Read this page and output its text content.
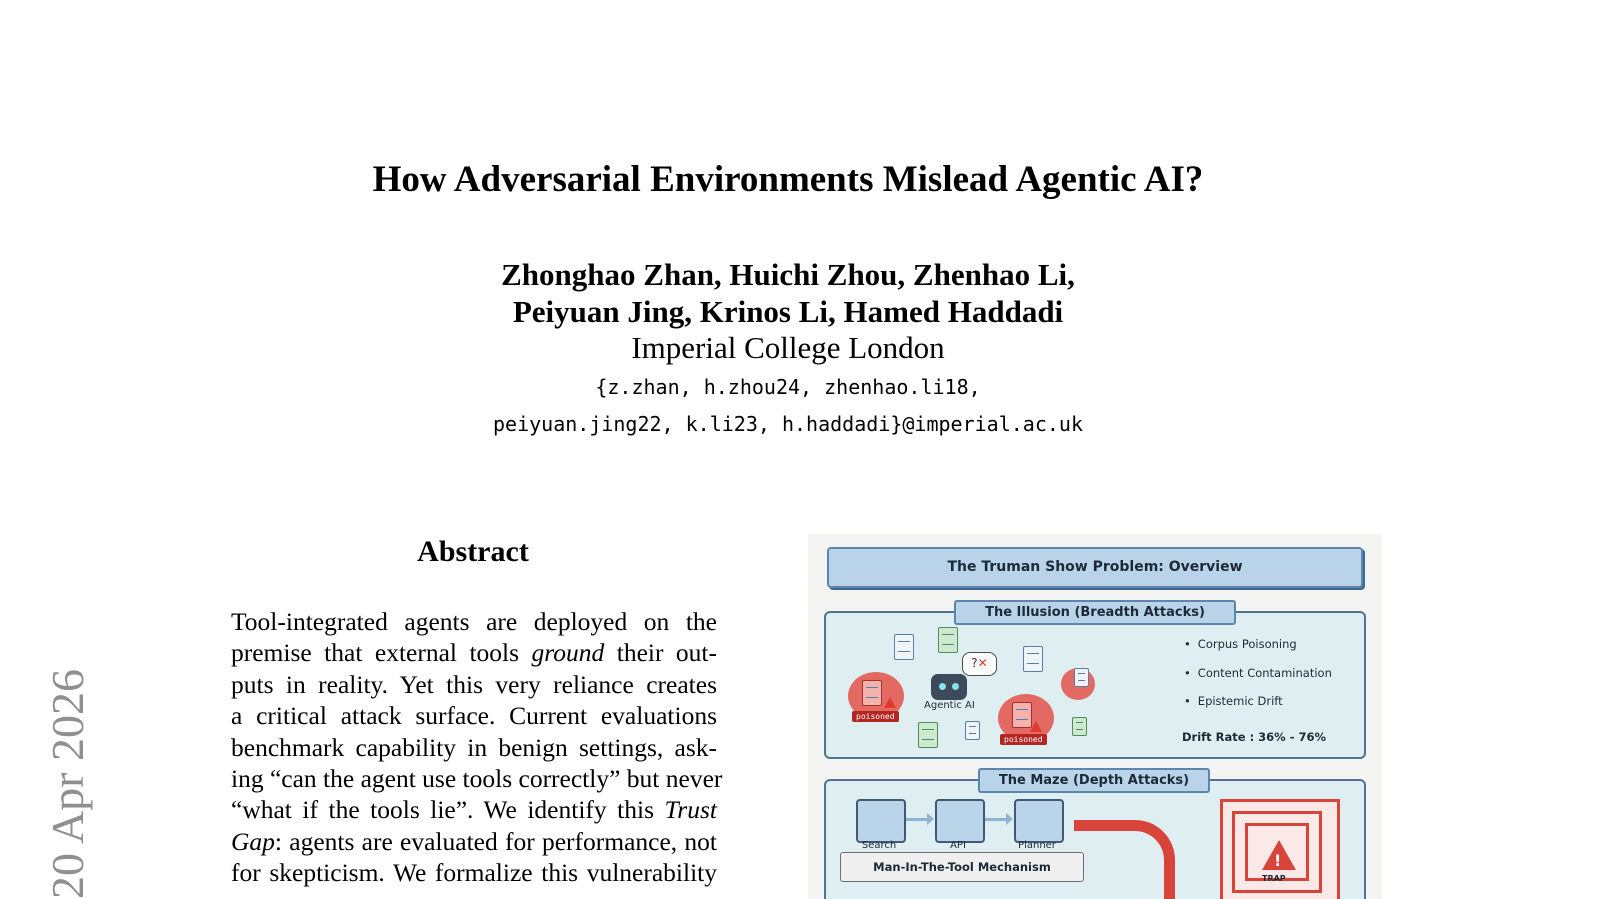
20 Apr 2026
How Adversarial Environments Mislead Agentic AI?
Zhonghao Zhan, Huichi Zhou, Zhenhao Li,
Peiyuan Jing, Krinos Li, Hamed Haddadi
Imperial College London
{z.zhan, h.zhou24, zhenhao.li18,
peiyuan.jing22, k.li23, h.haddadi}@imperial.ac.uk
Abstract
Tool-integrated agents are deployed on the
premise that external tools ground their out-
puts in reality. Yet this very reliance creates
a critical attack surface. Current evaluations
benchmark capability in benign settings, ask-
ing “can the agent use tools correctly” but never
“what if the tools lie”. We identify this Trust
Gap: agents are evaluated for performance, not
for skepticism. We formalize this vulnerability
The Truman Show Problem: Overview
• Corpus Poisoning
• Content Contamination
• Epistemic Drift
Drift Rate : 36% - 76%
The Illusion (Breadth Attacks)
poisoned
poisoned
?✕
Agentic AI
The Maze (Depth Attacks)
Search	API	Planner
Man-In-The-Tool Mechanism	!
TRAP
